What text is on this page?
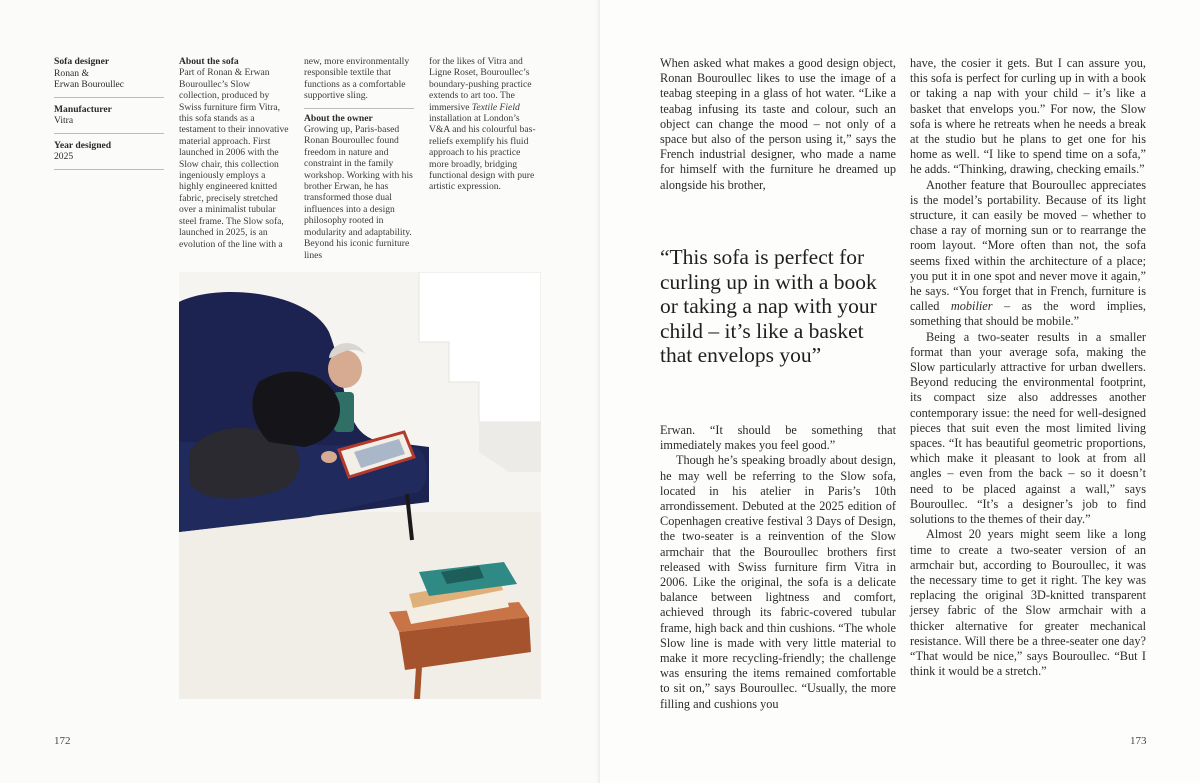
Sofa designer
Ronan &
Erwan Bouroullec
Manufacturer
Vitra
Year designed
2025
About the sofa

Part of Ronan & Erwan Bouroullec’s Slow collection, produced by Swiss furniture firm Vitra, this sofa stands as a testament to their innovative material approach. First launched in 2006 with the Slow chair, this collection ingeniously employs a highly engineered knitted fabric, precisely stretched over a minimalist tubular steel frame. The Slow sofa, launched in 2025, is an evolution of the line with a

new, more environmentally responsible textile that functions as a comfortable supportive sling.

About the owner

Growing up, Paris-based Ronan Bouroullec found freedom in nature and constraint in the family workshop. Working with his brother Erwan, he has transformed those dual influences into a design philosophy rooted in modularity and adaptability. Beyond his iconic furniture lines

for the likes of Vitra and Ligne Roset, Bouroullec’s boundary-pushing practice extends to art too. The immersive Textile Field installation at London’s V&A and his colourful bas-reliefs exemplify his fluid approach to his practice more broadly, bridging functional design with pure artistic expression.

172

When asked what makes a good design object, Ronan Bouroullec likes to use the image of a teabag steeping in a glass of hot water. “Like a teabag infusing its taste and colour, such an object can change the mood – not only of a space but also of the person using it,” says the French industrial designer, who made a name for himself with the furniture he dreamed up alongside his brother,

“This sofa is perfect for curling up in with a book or taking a nap with your child – it’s like a basket that envelops you”

Erwan. “It should be something that immediately makes you feel good.”

Though he’s speaking broadly about design, he may well be referring to the Slow sofa, located in his atelier in Paris’s 10th arrondissement. Debuted at the 2025 edition of Copenhagen creative festival 3 Days of Design, the two-seater is a reinvention of the Slow armchair that the Bouroullec brothers first released with Swiss furniture firm Vitra in 2006. Like the original, the sofa is a delicate balance between lightness and comfort, achieved through its fabric-covered tubular frame, high back and thin cushions. “The whole Slow line is made with very little material to make it more recycling-friendly; the challenge was ensuring the items remained comfortable to sit on,” says Bouroullec. “Usually, the more filling and cushions you

have, the cosier it gets. But I can assure you, this sofa is perfect for curling up in with a book or taking a nap with your child – it’s like a basket that envelops you.” For now, the Slow sofa is where he retreats when he needs a break at the studio but he plans to get one for his home as well. “I like to spend time on a sofa,” he adds. “Thinking, drawing, checking emails.”

Another feature that Bouroullec appreciates is the model’s portability. Because of its light structure, it can easily be moved – whether to chase a ray of morning sun or to rearrange the room layout. “More often than not, the sofa seems fixed within the architecture of a place; you put it in one spot and never move it again,” he says. “You forget that in French, furniture is called mobilier – as the word implies, something that should be mobile.”

Being a two-seater results in a smaller format than your average sofa, making the Slow particularly attractive for urban dwellers. Beyond reducing the environmental footprint, its compact size also addresses another contemporary issue: the need for well-designed pieces that suit even the most limited living spaces. “It has beautiful geometric proportions, which make it pleasant to look at from all angles – even from the back – so it doesn’t need to be placed against a wall,” says Bouroullec. “It’s a designer’s job to find solutions to the themes of their day.”

Almost 20 years might seem like a long time to create a two-seater version of an armchair but, according to Bouroullec, it was the necessary time to get it right. The key was replacing the original 3D-knitted transparent jersey fabric of the Slow armchair with a thicker alternative for greater mechanical resistance. Will there be a three-seater one day? “That would be nice,” says Bouroullec. “But I think it would be a stretch.”

173
